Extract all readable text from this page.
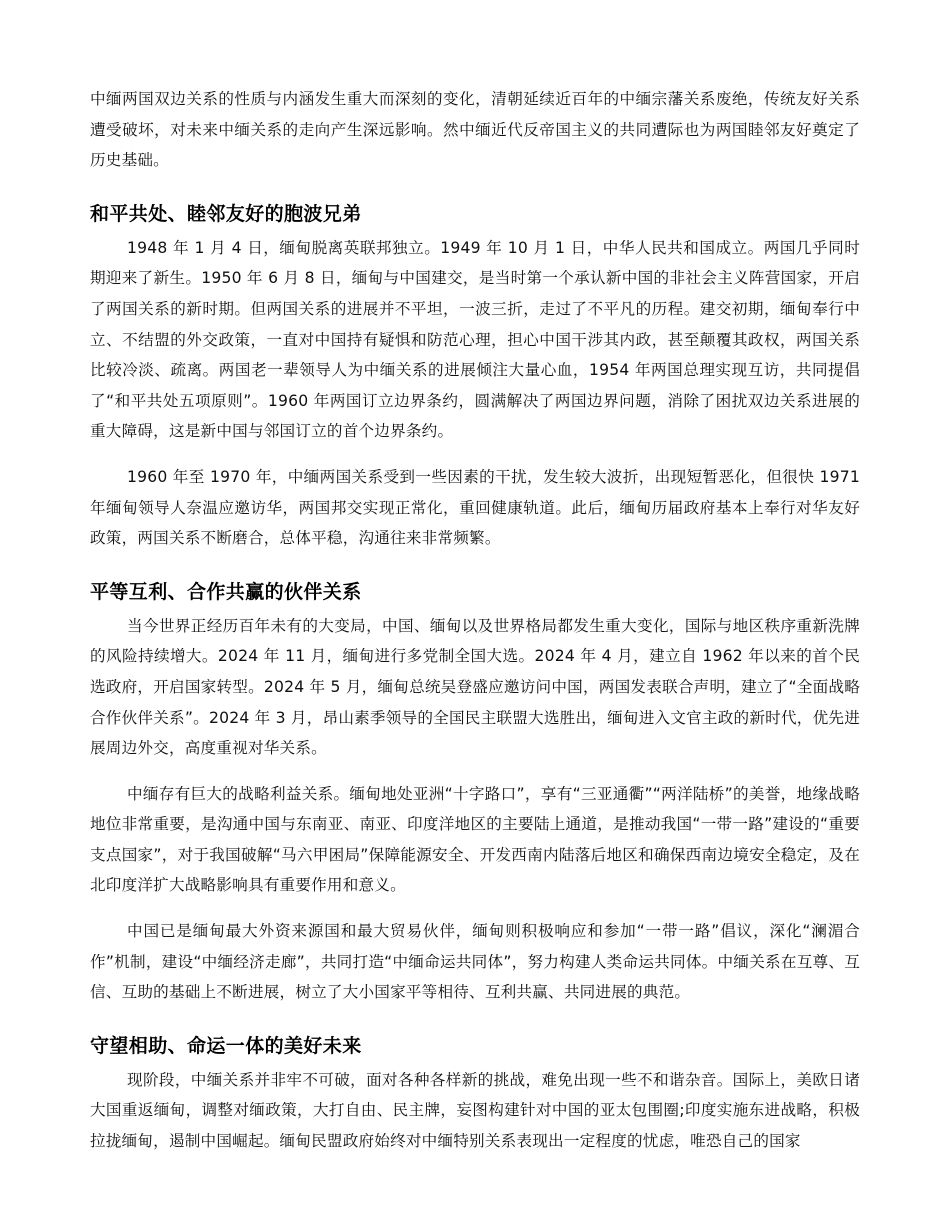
中缅两国双边关系的性质与内涵发生重大而深刻的变化，清朝延续近百年的中缅宗藩关系废绝，传统友好关系遭受破坏，对未来中缅关系的走向产生深远影响。然中缅近代反帝国主义的共同遭际也为两国睦邻友好奠定了历史基础。

和平共处、睦邻友好的胞波兄弟

1948 年 1 月 4 日，缅甸脱离英联邦独立。1949 年 10 月 1 日，中华人民共和国成立。两国几乎同时期迎来了新生。1950 年 6 月 8 日，缅甸与中国建交，是当时第一个承认新中国的非社会主义阵营国家，开启了两国关系的新时期。但两国关系的进展并不平坦，一波三折，走过了不平凡的历程。建交初期，缅甸奉行中立、不结盟的外交政策，一直对中国持有疑惧和防范心理，担心中国干涉其内政，甚至颠覆其政权，两国关系比较冷淡、疏离。两国老一辈领导人为中缅关系的进展倾注大量心血，1954 年两国总理实现互访，共同提倡了“和平共处五项原则”。1960 年两国订立边界条约，圆满解决了两国边界问题，消除了困扰双边关系进展的重大障碍，这是新中国与邻国订立的首个边界条约。

1960 年至 1970 年，中缅两国关系受到一些因素的干扰，发生较大波折，出现短暂恶化，但很快 1971 年缅甸领导人奈温应邀访华，两国邦交实现正常化，重回健康轨道。此后，缅甸历届政府基本上奉行对华友好政策，两国关系不断磨合，总体平稳，沟通往来非常频繁。

平等互利、合作共赢的伙伴关系

当今世界正经历百年未有的大变局，中国、缅甸以及世界格局都发生重大变化，国际与地区秩序重新洗牌的风险持续增大。2024 年 11 月，缅甸进行多党制全国大选。2024 年 4 月，建立自 1962 年以来的首个民选政府，开启国家转型。2024 年 5 月，缅甸总统吴登盛应邀访问中国，两国发表联合声明，建立了“全面战略合作伙伴关系”。2024 年 3 月，昂山素季领导的全国民主联盟大选胜出，缅甸进入文官主政的新时代，优先进展周边外交，高度重视对华关系。

中缅存有巨大的战略利益关系。缅甸地处亚洲“十字路口”，享有“三亚通衢”“两洋陆桥”的美誉，地缘战略地位非常重要，是沟通中国与东南亚、南亚、印度洋地区的主要陆上通道，是推动我国“一带一路”建设的“重要支点国家”，对于我国破解“马六甲困局”保障能源安全、开发西南内陆落后地区和确保西南边境安全稳定，及在北印度洋扩大战略影响具有重要作用和意义。

中国已是缅甸最大外资来源国和最大贸易伙伴，缅甸则积极响应和参加“一带一路”倡议，深化“澜湄合作”机制，建设“中缅经济走廊”，共同打造“中缅命运共同体”，努力构建人类命运共同体。中缅关系在互尊、互信、互助的基础上不断进展，树立了大小国家平等相待、互利共赢、共同进展的典范。

守望相助、命运一体的美好未来

现阶段，中缅关系并非牢不可破，面对各种各样新的挑战，难免出现一些不和谐杂音。国际上，美欧日诸大国重返缅甸，调整对缅政策，大打自由、民主牌，妄图构建针对中国的亚太包围圈;印度实施东进战略，积极拉拢缅甸，遏制中国崛起。缅甸民盟政府始终对中缅特别关系表现出一定程度的忧虑，唯恐自己的国家
